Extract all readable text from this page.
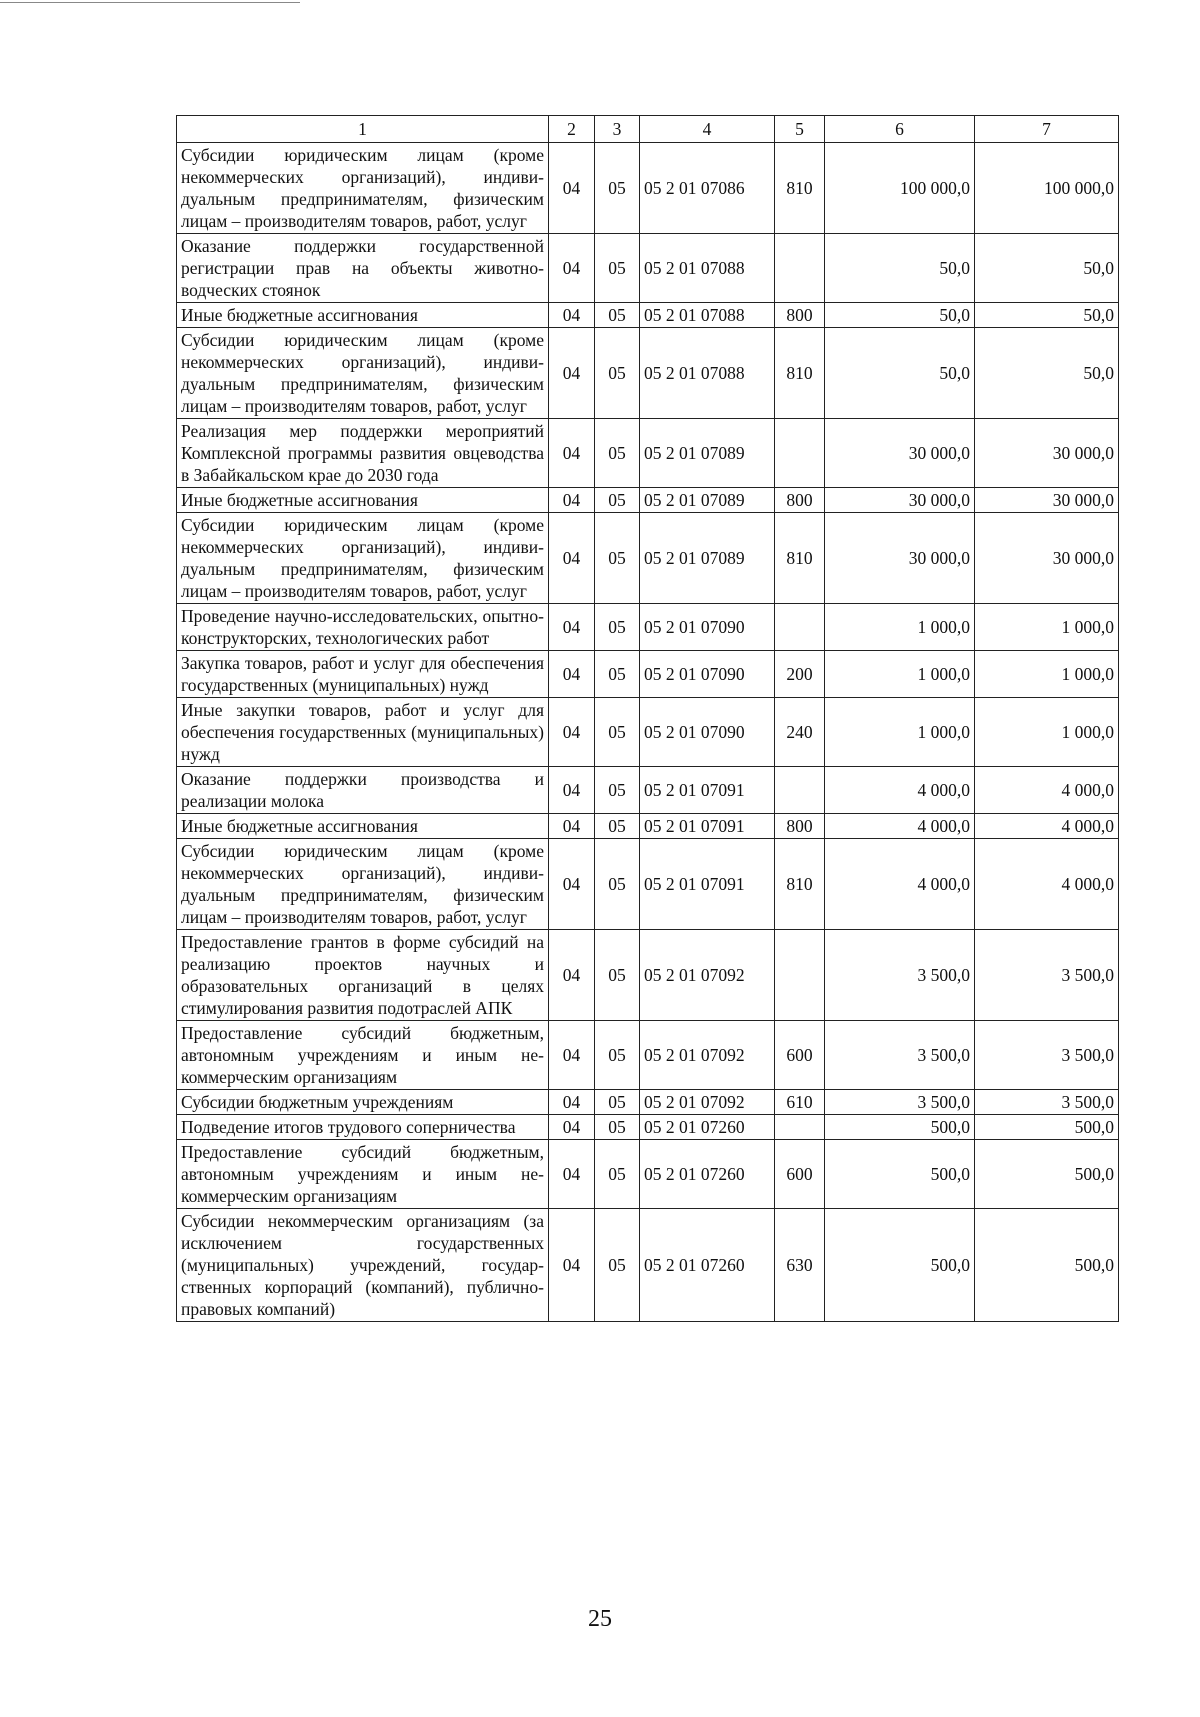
1	2	3	4	5	6	7
Субсидии юридическим лицам (кроме некоммерческих организаций), индивидуальным предпринимателям, физическим лицам – производителям товаров, работ, услуг	04	05	05 2 01 07086	810	100 000,0	100 000,0
Оказание поддержки государственной регистрации прав на объекты животноводческих стоянок	04	05	05 2 01 07088		50,0	50,0
Иные бюджетные ассигнования	04	05	05 2 01 07088	800	50,0	50,0
Субсидии юридическим лицам (кроме некоммерческих организаций), индивидуальным предпринимателям, физическим лицам – производителям товаров, работ, услуг	04	05	05 2 01 07088	810	50,0	50,0
Реализация мер поддержки мероприятий Комплексной программы развития овцеводства в Забайкальском крае до 2030 года	04	05	05 2 01 07089		30 000,0	30 000,0
Иные бюджетные ассигнования	04	05	05 2 01 07089	800	30 000,0	30 000,0
Субсидии юридическим лицам (кроме некоммерческих организаций), индивидуальным предпринимателям, физическим лицам – производителям товаров, работ, услуг	04	05	05 2 01 07089	810	30 000,0	30 000,0
Проведение научно-исследовательских, опытно-конструкторских, технологических работ	04	05	05 2 01 07090		1 000,0	1 000,0
Закупка товаров, работ и услуг для обеспечения государственных (муниципальных) нужд	04	05	05 2 01 07090	200	1 000,0	1 000,0
Иные закупки товаров, работ и услуг для обеспечения государственных (муниципальных) нужд	04	05	05 2 01 07090	240	1 000,0	1 000,0
Оказание поддержки производства и реализации молока	04	05	05 2 01 07091		4 000,0	4 000,0
Иные бюджетные ассигнования	04	05	05 2 01 07091	800	4 000,0	4 000,0
Субсидии юридическим лицам (кроме некоммерческих организаций), индивидуальным предпринимателям, физическим лицам – производителям товаров, работ, услуг	04	05	05 2 01 07091	810	4 000,0	4 000,0
Предоставление грантов в форме субсидий на реализацию проектов научных и образовательных организаций в целях стимулирования развития подотраслей АПК	04	05	05 2 01 07092		3 500,0	3 500,0
Предоставление субсидий бюджетным, автономным учреждениям и иным некоммерческим организациям	04	05	05 2 01 07092	600	3 500,0	3 500,0
Субсидии бюджетным учреждениям	04	05	05 2 01 07092	610	3 500,0	3 500,0
Подведение итогов трудового соперничества	04	05	05 2 01 07260		500,0	500,0
Предоставление субсидий бюджетным, автономным учреждениям и иным некоммерческим организациям	04	05	05 2 01 07260	600	500,0	500,0
Субсидии некоммерческим организациям (за исключением государственных (муниципальных) учреждений, государственных корпораций (компаний), публично-правовых компаний)	04	05	05 2 01 07260	630	500,0	500,0
25
